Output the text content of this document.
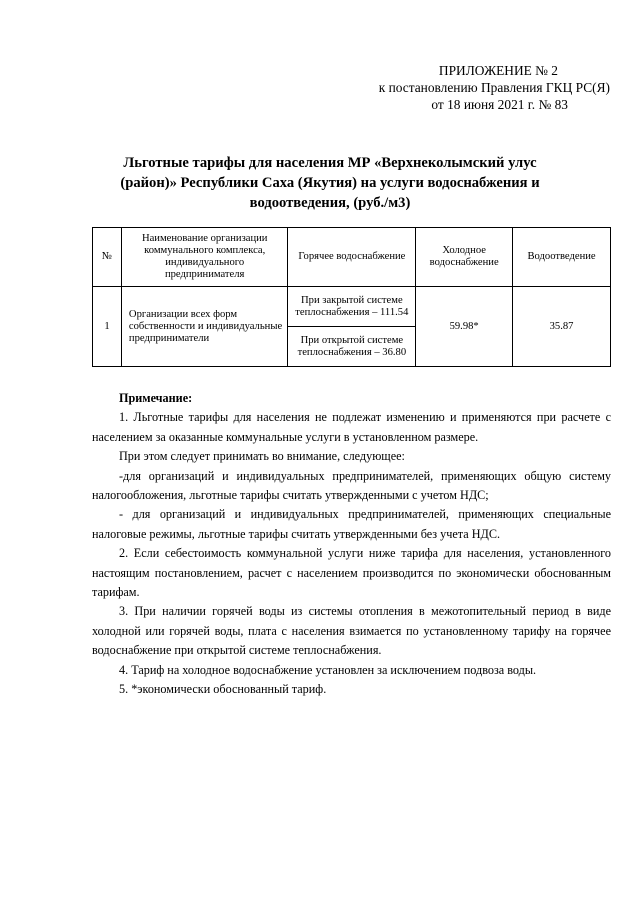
ПРИЛОЖЕНИЕ № 2
к постановлению Правления ГКЦ РС(Я)
от 18 июня 2021 г. № 83
Льготные тарифы для населения МР «Верхнеколымский улус
(район)» Республики Саха (Якутия) на услуги водоснабжения и
водоотведения, (руб./м3)
№	Наименование организации коммунального комплекса, индивидуального предпринимателя	Горячее водоснабжение	Холодное водоснабжение	Водоотведение
1	Организации всех форм собственности и индивидуальные предприниматели	При закрытой системе теплоснабжения – 111.54	59.98*	35.87
		При открытой системе теплоснабжения – 36.80		

Примечание:

1. Льготные тарифы для населения не подлежат изменению и применяются при расчете с населением за оказанные коммунальные услуги в установленном размере.

При этом следует принимать во внимание, следующее:

-для организаций и индивидуальных предпринимателей, применяющих общую систему налогообложения, льготные тарифы считать утвержденными с учетом НДС;

- для организаций и индивидуальных предпринимателей, применяющих специальные налоговые режимы, льготные тарифы считать утвержденными без учета НДС.

2. Если себестоимость коммунальной услуги ниже тарифа для населения, установленного настоящим постановлением, расчет с населением производится по экономически обоснованным тарифам.

3. При наличии горячей воды из системы отопления в межотопительный период в виде холодной или горячей воды, плата с населения взимается по установленному тарифу на горячее водоснабжение при открытой системе теплоснабжения.

4. Тариф на холодное водоснабжение установлен за исключением подвоза воды.

5. *экономически обоснованный тариф.
